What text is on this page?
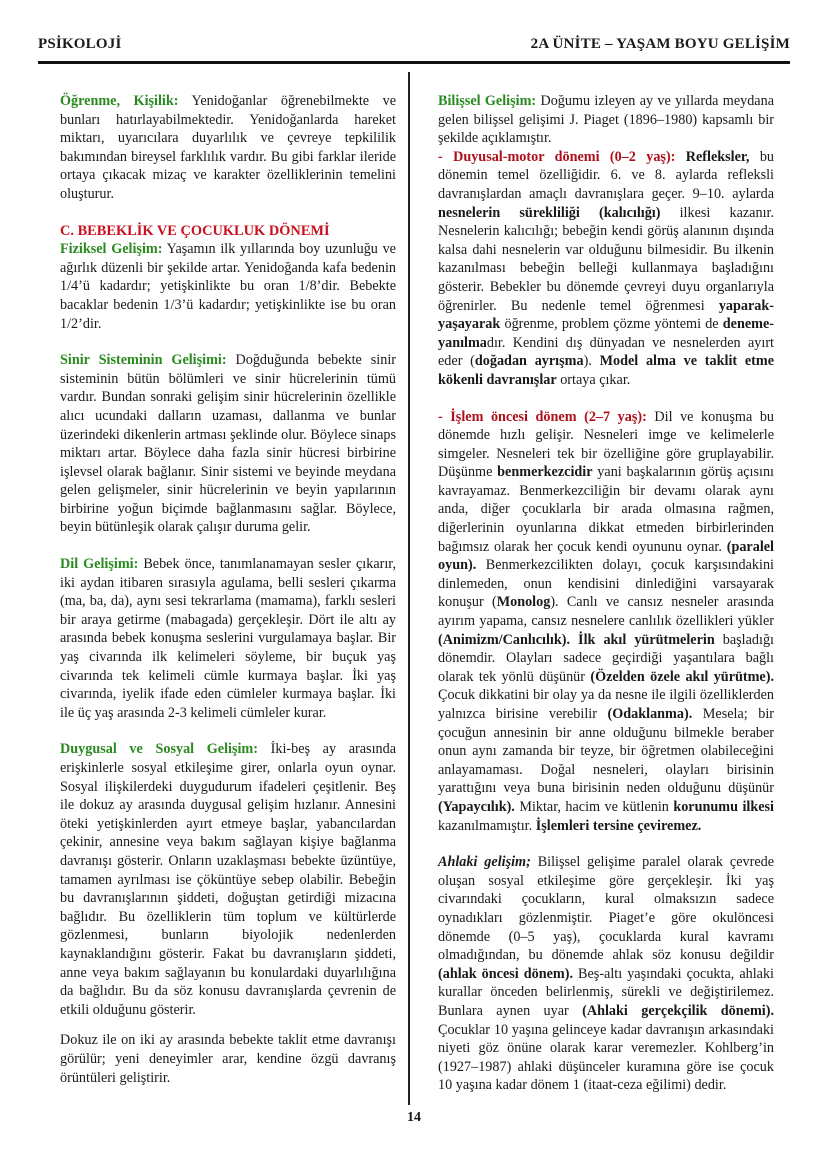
PSİKOLOJİ	2A ÜNİTE – YAŞAM BOYU GELİŞİM

Öğrenme, Kişilik: Yenidoğanlar öğrenebilmekte ve bunları hatırlayabilmektedir. Yenidoğanlarda hareket miktarı, uyarıcılara duyarlılık ve çevreye tepkililik bakımından bireysel farklılık vardır. Bu gibi farklar ileride ortaya çıkacak mizaç ve karakter özelliklerinin temelini oluşturur.

C. BEBEKLİK VE ÇOCUKLUK DÖNEMİ

Fiziksel Gelişim: Yaşamın ilk yıllarında boy uzunluğu ve ağırlık düzenli bir şekilde artar. Yenidoğanda kafa bedenin 1/4’ü kadardır; yetişkinlikte bu oran 1/8’dir. Bebekte bacaklar bedenin 1/3’ü kadardır; yetişkinlikte ise bu oran 1/2’dir.

Sinir Sisteminin Gelişimi: Doğduğunda bebekte sinir sisteminin bütün bölümleri ve sinir hücrelerinin tümü vardır. Bundan sonraki gelişim sinir hücrelerinin özellikle alıcı ucundaki dalların uzaması, dallanma ve bunlar üzerindeki dikenlerin artması şeklinde olur. Böylece sinaps miktarı artar. Böylece daha fazla sinir hücresi birbirine işlevsel olarak bağlanır. Sinir sistemi ve beyinde meydana gelen gelişmeler, sinir hücrelerinin ve beyin yapılarının birbirine yoğun biçimde bağlanmasını sağlar. Böylece, beyin bütünleşik olarak çalışır duruma gelir.

Dil Gelişimi: Bebek önce, tanımlanamayan sesler çıkarır, iki aydan itibaren sırasıyla agulama, belli sesleri çıkarma (ma, ba, da), aynı sesi tekrarlama (mamama), farklı sesleri bir araya getirme (mabagada) gerçekleşir. Dört ile altı ay arasında bebek konuşma seslerini vurgulamaya başlar. Bir yaş civarında ilk kelimeleri söyleme, bir buçuk yaş civarında tek kelimeli cümle kurmaya başlar. İki yaş civarında, iyelik ifade eden cümleler kurmaya başlar. İki ile üç yaş arasında 2-3 kelimeli cümleler kurar.

Duygusal ve Sosyal Gelişim: İki-beş ay arasında erişkinlerle sosyal etkileşime girer, onlarla oyun oynar. Sosyal ilişkilerdeki duygudurum ifadeleri çeşitlenir. Beş ile dokuz ay arasında duygusal gelişim hızlanır. Annesini öteki yetişkinlerden ayırt etmeye başlar, yabancılardan çekinir, annesine veya bakım sağlayan kişiye bağlanma davranışı gösterir. Onların uzaklaşması bebekte üzüntüye, tamamen ayrılması ise çöküntüye sebep olabilir. Bebeğin bu davranışlarının şiddeti, doğuştan getirdiği mizacına bağlıdır. Bu özelliklerin tüm toplum ve kültürlerde gözlenmesi, bunların biyolojik nedenlerden kaynaklandığını gösterir. Fakat bu davranışların şiddeti, anne veya bakım sağlayanın bu konulardaki duyarlılığına da bağlıdır. Bu da söz konusu davranışlarda çevrenin de etkili olduğunu gösterir.

Dokuz ile on iki ay arasında bebekte taklit etme davranışı görülür; yeni deneyimler arar, kendine özgü davranış örüntüleri geliştirir.

Bilişsel Gelişim: Doğumu izleyen ay ve yıllarda meydana gelen bilişsel gelişimi J. Piaget (1896–1980) kapsamlı bir şekilde açıklamıştır.

- Duyusal-motor dönemi (0–2 yaş): Refleksler, bu dönemin temel özelliğidir. 6. ve 8. aylarda refleksli davranışlardan amaçlı davranışlara geçer. 9–10. aylarda nesnelerin sürekliliği (kalıcılığı) ilkesi kazanır. Nesnelerin kalıcılığı; bebeğin kendi görüş alanının dışında kalsa dahi nesnelerin var olduğunu bilmesidir. Bu ilkenin kazanılması bebeğin belleği kullanmaya başladığını gösterir. Bebekler bu dönemde çevreyi duyu organlarıyla öğrenirler. Bu nedenle temel öğrenmesi yaparak-yaşayarak öğrenme, problem çözme yöntemi de deneme-yanılmadır. Kendini dış dünyadan ve nesnelerden ayırt eder (doğadan ayrışma). Model alma ve taklit etme kökenli davranışlar ortaya çıkar.

- İşlem öncesi dönem (2–7 yaş): Dil ve konuşma bu dönemde hızlı gelişir. Nesneleri imge ve kelimelerle simgeler. Nesneleri tek bir özelliğine göre gruplayabilir. Düşünme benmerkezcidir yani başkalarının görüş açısını kavrayamaz. Benmerkezciliğin bir devamı olarak aynı anda, diğer çocuklarla bir arada olmasına rağmen, diğerlerinin oyunlarına dikkat etmeden birbirlerinden bağımsız olarak her çocuk kendi oyununu oynar. (paralel oyun). Benmerkezcilikten dolayı, çocuk karşısındakini dinlemeden, onun kendisini dinlediğini varsayarak konuşur (Monolog). Canlı ve cansız nesneler arasında ayırım yapama, cansız nesnelere canlılık özellikleri yükler (Animizm/Canlıcılık). İlk akıl yürütmelerin başladığı dönemdir. Olayları sadece geçirdiği yaşantılara bağlı olarak tek yönlü düşünür (Özelden özele akıl yürütme). Çocuk dikkatini bir olay ya da nesne ile ilgili özelliklerden yalnızca birisine verebilir (Odaklanma). Mesela; bir çocuğun annesinin bir anne olduğunu bilmekle beraber onun aynı zamanda bir teyze, bir öğretmen olabileceğini anlayamaması. Doğal nesneleri, olayları birisinin yarattığını veya buna birisinin neden olduğunu düşünür (Yapaycılık). Miktar, hacim ve kütlenin korunumu ilkesi kazanılmamıştır. İşlemleri tersine çeviremez.

Ahlaki gelişim; Bilişsel gelişime paralel olarak çevrede oluşan sosyal etkileşime göre gerçekleşir. İki yaş civarındaki çocukların, kural olmaksızın sadece oynadıkları gözlenmiştir. Piaget’e göre okulöncesi dönemde (0–5 yaş), çocuklarda kural kavramı olmadığından, bu dönemde ahlak söz konusu değildir (ahlak öncesi dönem). Beş-altı yaşındaki çocukta, ahlaki kurallar önceden belirlenmiş, sürekli ve değiştirilemez. Bunlara aynen uyar (Ahlaki gerçekçilik dönemi). Çocuklar 10 yaşına gelinceye kadar davranışın arkasındaki niyeti göz önüne olarak karar veremezler. Kohlberg’in (1927–1987) ahlaki düşünceler kuramına göre ise çocuk 10 yaşına kadar dönem 1 (itaat-ceza eğilimi) dedir.

14
